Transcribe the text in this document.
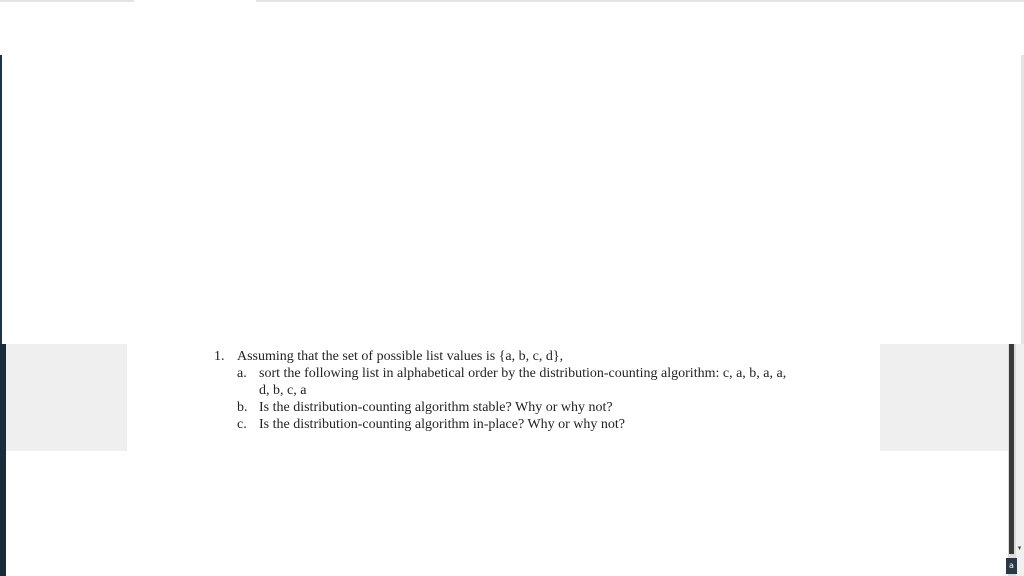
▾
a
1. Assuming that the set of possible list values is {a, b, c, d},
a. sort the following list in alphabetical order by the distribution-counting algorithm: c, a, b, a, a, d, b, c, a
b. Is the distribution-counting algorithm stable? Why or why not?
c. Is the distribution-counting algorithm in-place? Why or why not?
